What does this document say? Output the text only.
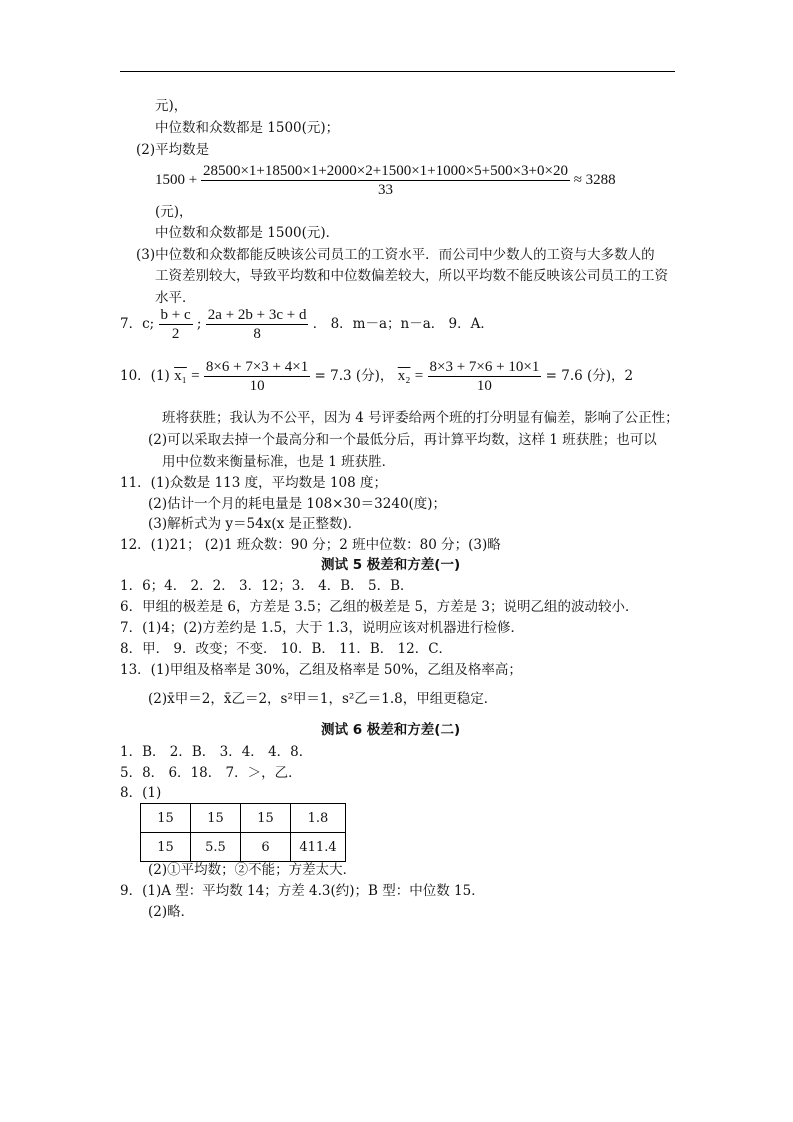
元)，
中位数和众数都是 1500(元)；
(2)平均数是
$1500 + \frac{28500\times 1+18500\times 1+2000\times 2+1500\times 1+1000\times 5+500\times 3+0\times 20}{33} \approx 3288$
(元)，
中位数和众数都是 1500(元)．
(3)中位数和众数都能反映该公司员工的工资水平．而公司中少数人的工资与大多数人的
工资差别较大，导致平均数和中位数偏差较大，所以平均数不能反映该公司员工的工资
水平．
7．c; $\frac{b + c}{2}$ ; $\frac{2a + 2b + 3c + d}{8}$ ． 8．m－a；n－a． 9．A．
10．(1) $x_1 = \frac{8\times 6 + 7\times 3 + 4\times 1}{10} = 7.3$ (分)， $x_2 = \frac{8\times 3 + 7\times 6 + 10\times 1}{10} = 7.6$ (分)，2
班将获胜；我认为不公平，因为 4 号评委给两个班的打分明显有偏差，影响了公正性；
(2)可以采取去掉一个最高分和一个最低分后，再计算平均数，这样 1 班获胜；也可以
用中位数来衡量标准，也是 1 班获胜．
11．(1)众数是 113 度，平均数是 108 度；
(2)估计一个月的耗电量是 108×30＝3240(度)；
(3)解析式为 y＝54x(x 是正整数)．
12．(1)21； (2)1 班众数：90 分；2 班中位数：80 分；(3)略
测试 5 极差和方差(一)
1．6；4． 2．2． 3．12；3． 4．B． 5．B．
6．甲组的极差是 6，方差是 3.5；乙组的极差是 5，方差是 3；说明乙组的波动较小．
7．(1)4；(2)方差约是 1.5，大于 1.3，说明应该对机器进行检修．
8．甲． 9．改变；不变． 10．B． 11．B． 12．C．
13．(1)甲组及格率是 30%，乙组及格率是 50%，乙组及格率高；
(2)x̄甲＝2，x̄乙＝2，s²甲＝1，s²乙＝1.8，甲组更稳定．
测试 6 极差和方差(二)
1．B． 2．B． 3．4． 4．8．
5．8． 6．18． 7．＞，乙．
8．(1)
15	15	15	1.8
15	5.5	6	411.4
(2)①平均数；②不能；方差太大．
9．(1)A 型：平均数 14；方差 4.3(约)；B 型：中位数 15．
(2)略．
